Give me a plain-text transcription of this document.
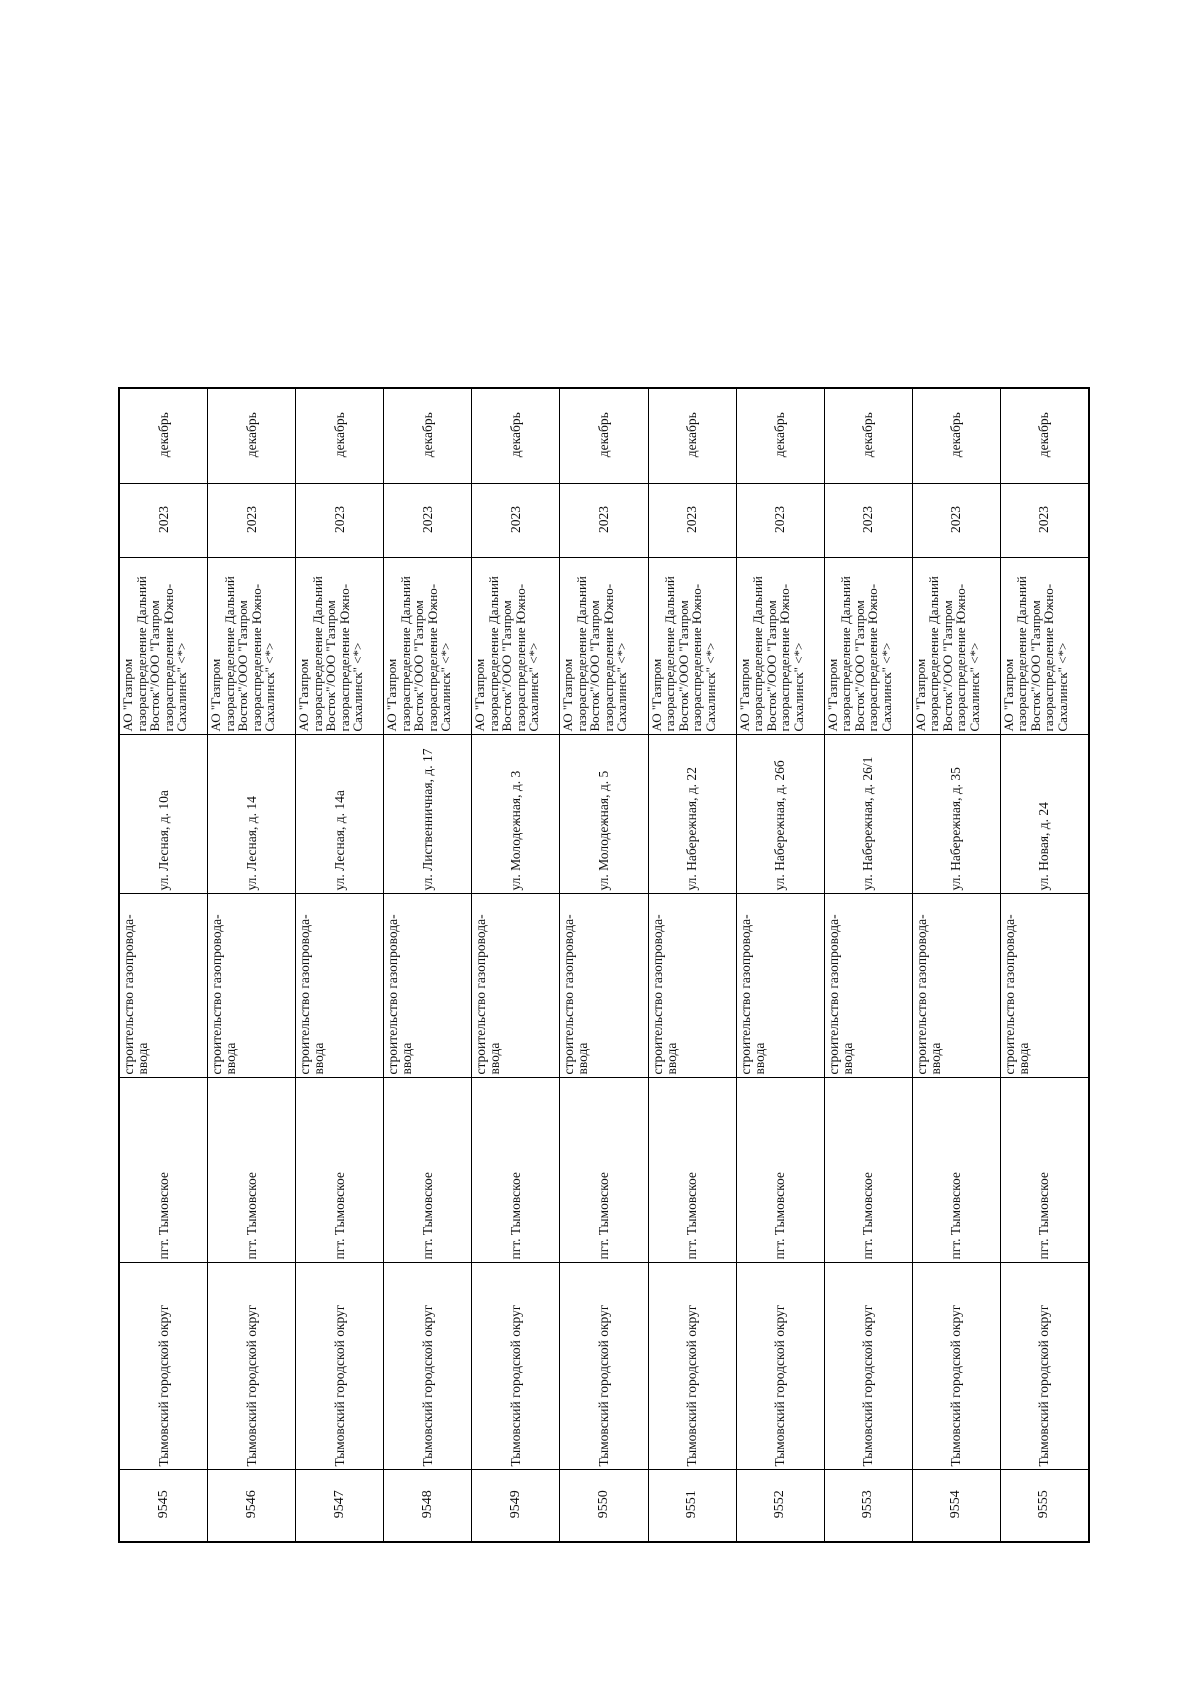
9545	Тымовский городской округ	пгт. Тымовское	строительство газопровода-ввода	ул. Лесная, д. 10а	АО "Газпром газораспределение Дальний Восток"/ООО "Газпром газораспределение Южно-Сахалинск" <*>	2023	декабрь
9546	Тымовский городской округ	пгт. Тымовское	строительство газопровода-ввода	ул. Лесная, д. 14	АО "Газпром газораспределение Дальний Восток"/ООО "Газпром газораспределение Южно-Сахалинск" <*>	2023	декабрь
9547	Тымовский городской округ	пгт. Тымовское	строительство газопровода-ввода	ул. Лесная, д. 14а	АО "Газпром газораспределение Дальний Восток"/ООО "Газпром газораспределение Южно-Сахалинск" <*>	2023	декабрь
9548	Тымовский городской округ	пгт. Тымовское	строительство газопровода-ввода	ул. Лиственничная, д. 17	АО "Газпром газораспределение Дальний Восток"/ООО "Газпром газораспределение Южно-Сахалинск" <*>	2023	декабрь
9549	Тымовский городской округ	пгт. Тымовское	строительство газопровода-ввода	ул. Молодежная, д. 3	АО "Газпром газораспределение Дальний Восток"/ООО "Газпром газораспределение Южно-Сахалинск" <*>	2023	декабрь
9550	Тымовский городской округ	пгт. Тымовское	строительство газопровода-ввода	ул. Молодежная, д. 5	АО "Газпром газораспределение Дальний Восток"/ООО "Газпром газораспределение Южно-Сахалинск" <*>	2023	декабрь
9551	Тымовский городской округ	пгт. Тымовское	строительство газопровода-ввода	ул. Набережная, д. 22	АО "Газпром газораспределение Дальний Восток"/ООО "Газпром газораспределение Южно-Сахалинск" <*>	2023	декабрь
9552	Тымовский городской округ	пгт. Тымовское	строительство газопровода-ввода	ул. Набережная, д. 26б	АО "Газпром газораспределение Дальний Восток"/ООО "Газпром газораспределение Южно-Сахалинск" <*>	2023	декабрь
9553	Тымовский городской округ	пгт. Тымовское	строительство газопровода-ввода	ул. Набережная, д. 26/1	АО "Газпром газораспределение Дальний Восток"/ООО "Газпром газораспределение Южно-Сахалинск" <*>	2023	декабрь
9554	Тымовский городской округ	пгт. Тымовское	строительство газопровода-ввода	ул. Набережная, д. 35	АО "Газпром газораспределение Дальний Восток"/ООО "Газпром газораспределение Южно-Сахалинск" <*>	2023	декабрь
9555	Тымовский городской округ	пгт. Тымовское	строительство газопровода-ввода	ул. Новая, д. 24	АО "Газпром газораспределение Дальний Восток"/ООО "Газпром газораспределение Южно-Сахалинск" <*>	2023	декабрь
